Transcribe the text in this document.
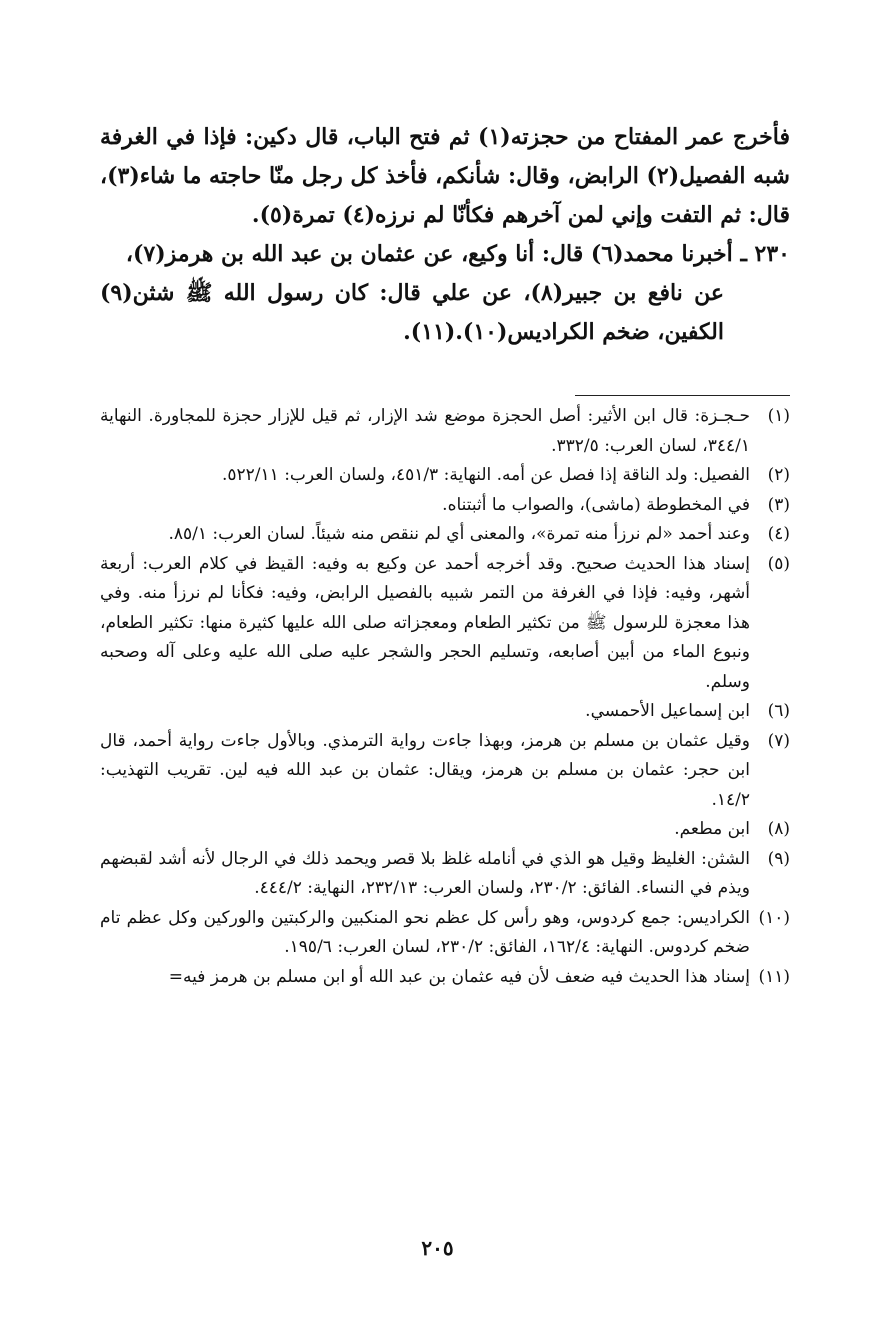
فأخرج عمر المفتاح من حجزته(١) ثم فتح الباب، قال دكين: فإذا في الغرفة شبه الفصيل(٢) الرابض، وقال: شأنكم، فأخذ كل رجل منّا حاجته ما شاء(٣)، قال: ثم التفت وإني لمن آخرهم فكأنّا لم نرزه(٤) تمرة(٥).

٢٣٠ ـ أخبرنا محمد(٦) قال: أنا وكيع، عن عثمان بن عبد الله بن هرمز(٧)،

عن نافع بن جبير(٨)، عن علي قال: كان رسول الله ﷺ شثن(٩) الكفين، ضخم الكراديس(١٠).(١١).

(١)
حـجـزة: قال ابن الأثير: أصل الحجزة موضع شد الإزار، ثم قيل للإزار حجزة للمجاورة. النهاية ٣٤٤/١، لسان العرب: ٣٣٢/٥.
(٢)
الفصيل: ولد الناقة إذا فصل عن أمه. النهاية: ٤٥١/٣، ولسان العرب: ٥٢٢/١١.
(٣)
في المخطوطة (ماشى)، والصواب ما أثبتناه.
(٤)
وعند أحمد «لم نرزأ منه تمرة»، والمعنى أي لم ننقص منه شيئاً. لسان العرب: ٨٥/١.
(٥)
إسناد هذا الحديث صحيح. وقد أخرجه أحمد عن وكيع به وفيه: القيظ في كلام العرب: أربعة أشهر، وفيه: فإذا في الغرفة من التمر شبيه بالفصيل الرابض، وفيه: فكأنا لم نرزأ منه. وفي هذا معجزة للرسول ﷺ من تكثير الطعام ومعجزاته صلى الله عليها كثيرة منها: تكثير الطعام، ونبوع الماء من أبين أصابعه، وتسليم الحجر والشجر عليه صلى الله عليه وعلى آله وصحبه وسلم.
(٦)
ابن إسماعيل الأحمسي.
(٧)
وقيل عثمان بن مسلم بن هرمز، وبهذا جاءت رواية الترمذي. وبالأول جاءت رواية أحمد، قال ابن حجر: عثمان بن مسلم بن هرمز، ويقال: عثمان بن عبد الله فيه لين. تقريب التهذيب: ١٤/٢.
(٨)
ابن مطعم.
(٩)
الشثن: الغليظ وقيل هو الذي في أنامله غلظ بلا قصر ويحمد ذلك في الرجال لأنه أشد لقبضهم ويذم في النساء. الفائق: ٢٣٠/٢، ولسان العرب: ٢٣٢/١٣، النهاية: ٤٤٤/٢.
(١٠)
الكراديس: جمع كردوس، وهو رأس كل عظم نحو المنكبين والركبتين والوركين وكل عظم تام ضخم كردوس. النهاية: ١٦٢/٤، الفائق: ٢٣٠/٢، لسان العرب: ١٩٥/٦.
(١١)
إسناد هذا الحديث فيه ضعف لأن فيه عثمان بن عبد الله أو ابن مسلم بن هرمز فيه=
٢٠٥
